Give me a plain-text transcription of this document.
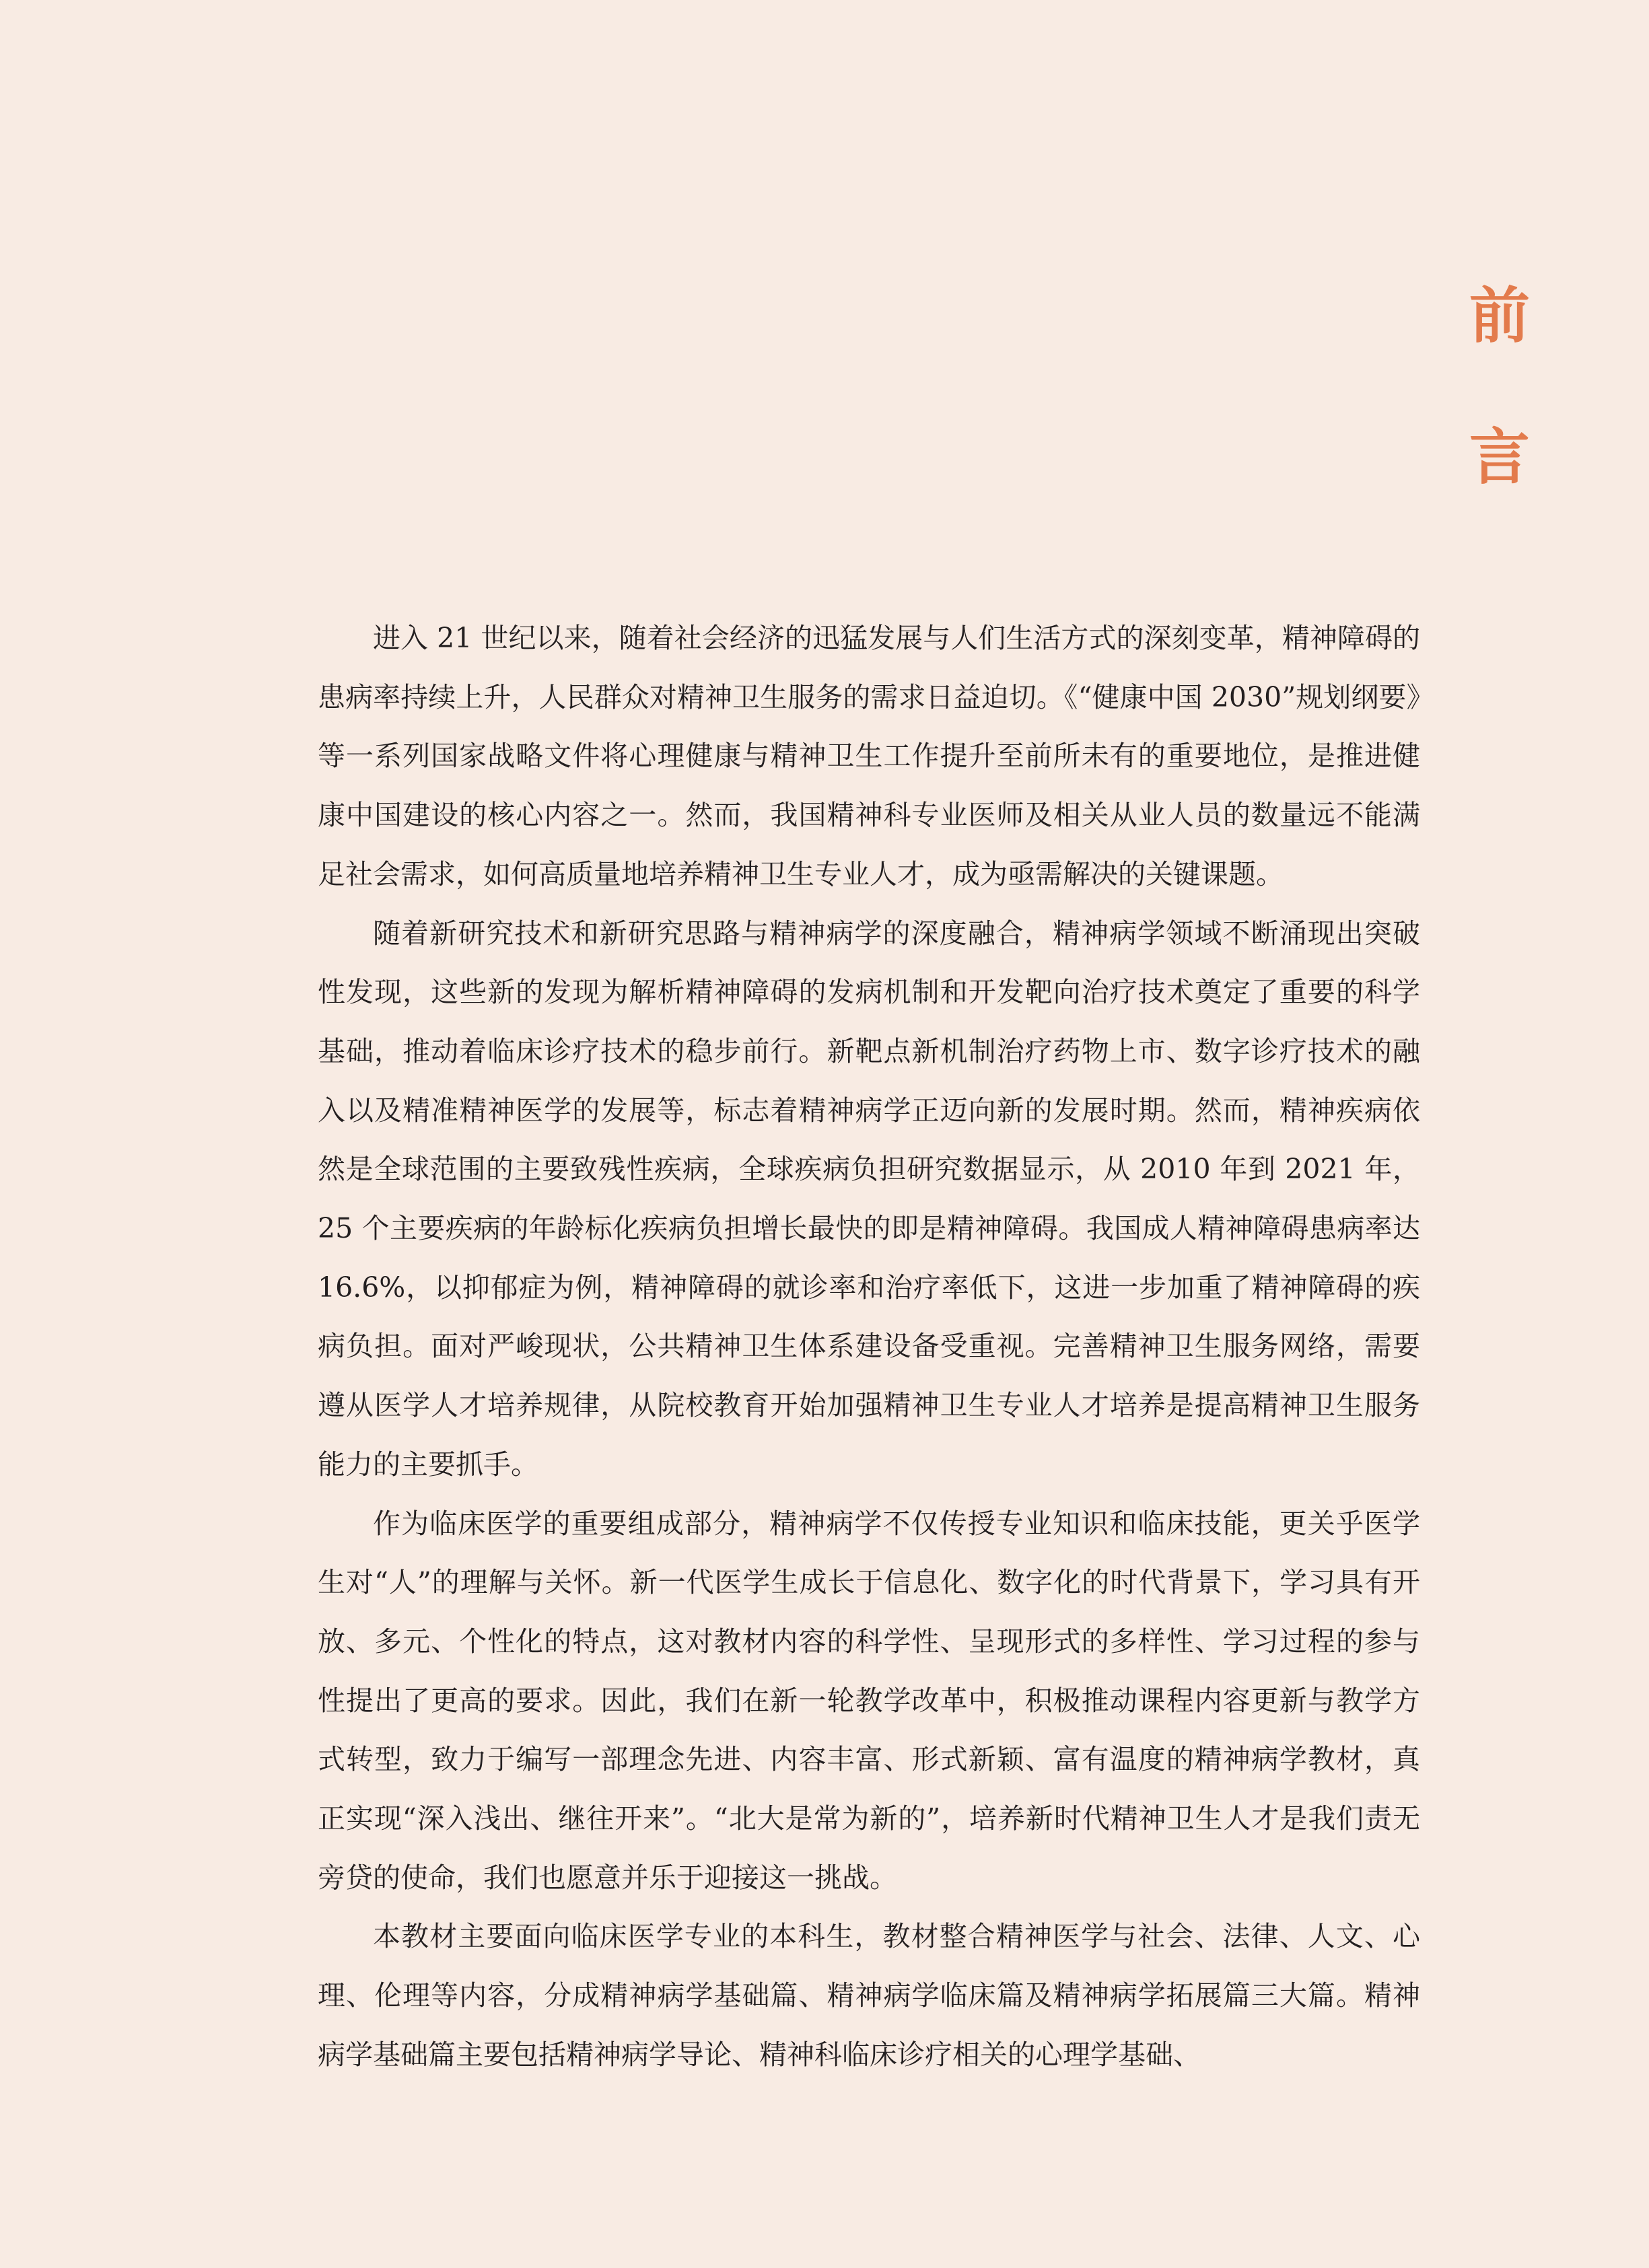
前
言

进入 21 世纪以来，随着社会经济的迅猛发展与人们生活方式的深刻变革，精神障碍的患病率持续上升，人民群众对精神卫生服务的需求日益迫切。《“健康中国 2030”规划纲要》等一系列国家战略文件将心理健康与精神卫生工作提升至前所未有的重要地位，是推进健康中国建设的核心内容之一。然而，我国精神科专业医师及相关从业人员的数量远不能满足社会需求，如何高质量地培养精神卫生专业人才，成为亟需解决的关键课题。

随着新研究技术和新研究思路与精神病学的深度融合，精神病学领域不断涌现出突破性发现，这些新的发现为解析精神障碍的发病机制和开发靶向治疗技术奠定了重要的科学基础，推动着临床诊疗技术的稳步前行。新靶点新机制治疗药物上市、数字诊疗技术的融入以及精准精神医学的发展等，标志着精神病学正迈向新的发展时期。然而，精神疾病依然是全球范围的主要致残性疾病，全球疾病负担研究数据显示，从 2010 年到 2021 年，25 个主要疾病的年龄标化疾病负担增长最快的即是精神障碍。我国成人精神障碍患病率达 16.6%，以抑郁症为例，精神障碍的就诊率和治疗率低下，这进一步加重了精神障碍的疾病负担。面对严峻现状，公共精神卫生体系建设备受重视。完善精神卫生服务网络，需要遵从医学人才培养规律，从院校教育开始加强精神卫生专业人才培养是提高精神卫生服务能力的主要抓手。

作为临床医学的重要组成部分，精神病学不仅传授专业知识和临床技能，更关乎医学生对“人”的理解与关怀。新一代医学生成长于信息化、数字化的时代背景下，学习具有开放、多元、个性化的特点，这对教材内容的科学性、呈现形式的多样性、学习过程的参与性提出了更高的要求。因此，我们在新一轮教学改革中，积极推动课程内容更新与教学方式转型，致力于编写一部理念先进、内容丰富、形式新颖、富有温度的精神病学教材，真正实现“深入浅出、继往开来”。“北大是常为新的”，培养新时代精神卫生人才是我们责无旁贷的使命，我们也愿意并乐于迎接这一挑战。

本教材主要面向临床医学专业的本科生，教材整合精神医学与社会、法律、人文、心理、伦理等内容，分成精神病学基础篇、精神病学临床篇及精神病学拓展篇三大篇。精神病学基础篇主要包括精神病学导论、精神科临床诊疗相关的心理学基础、
